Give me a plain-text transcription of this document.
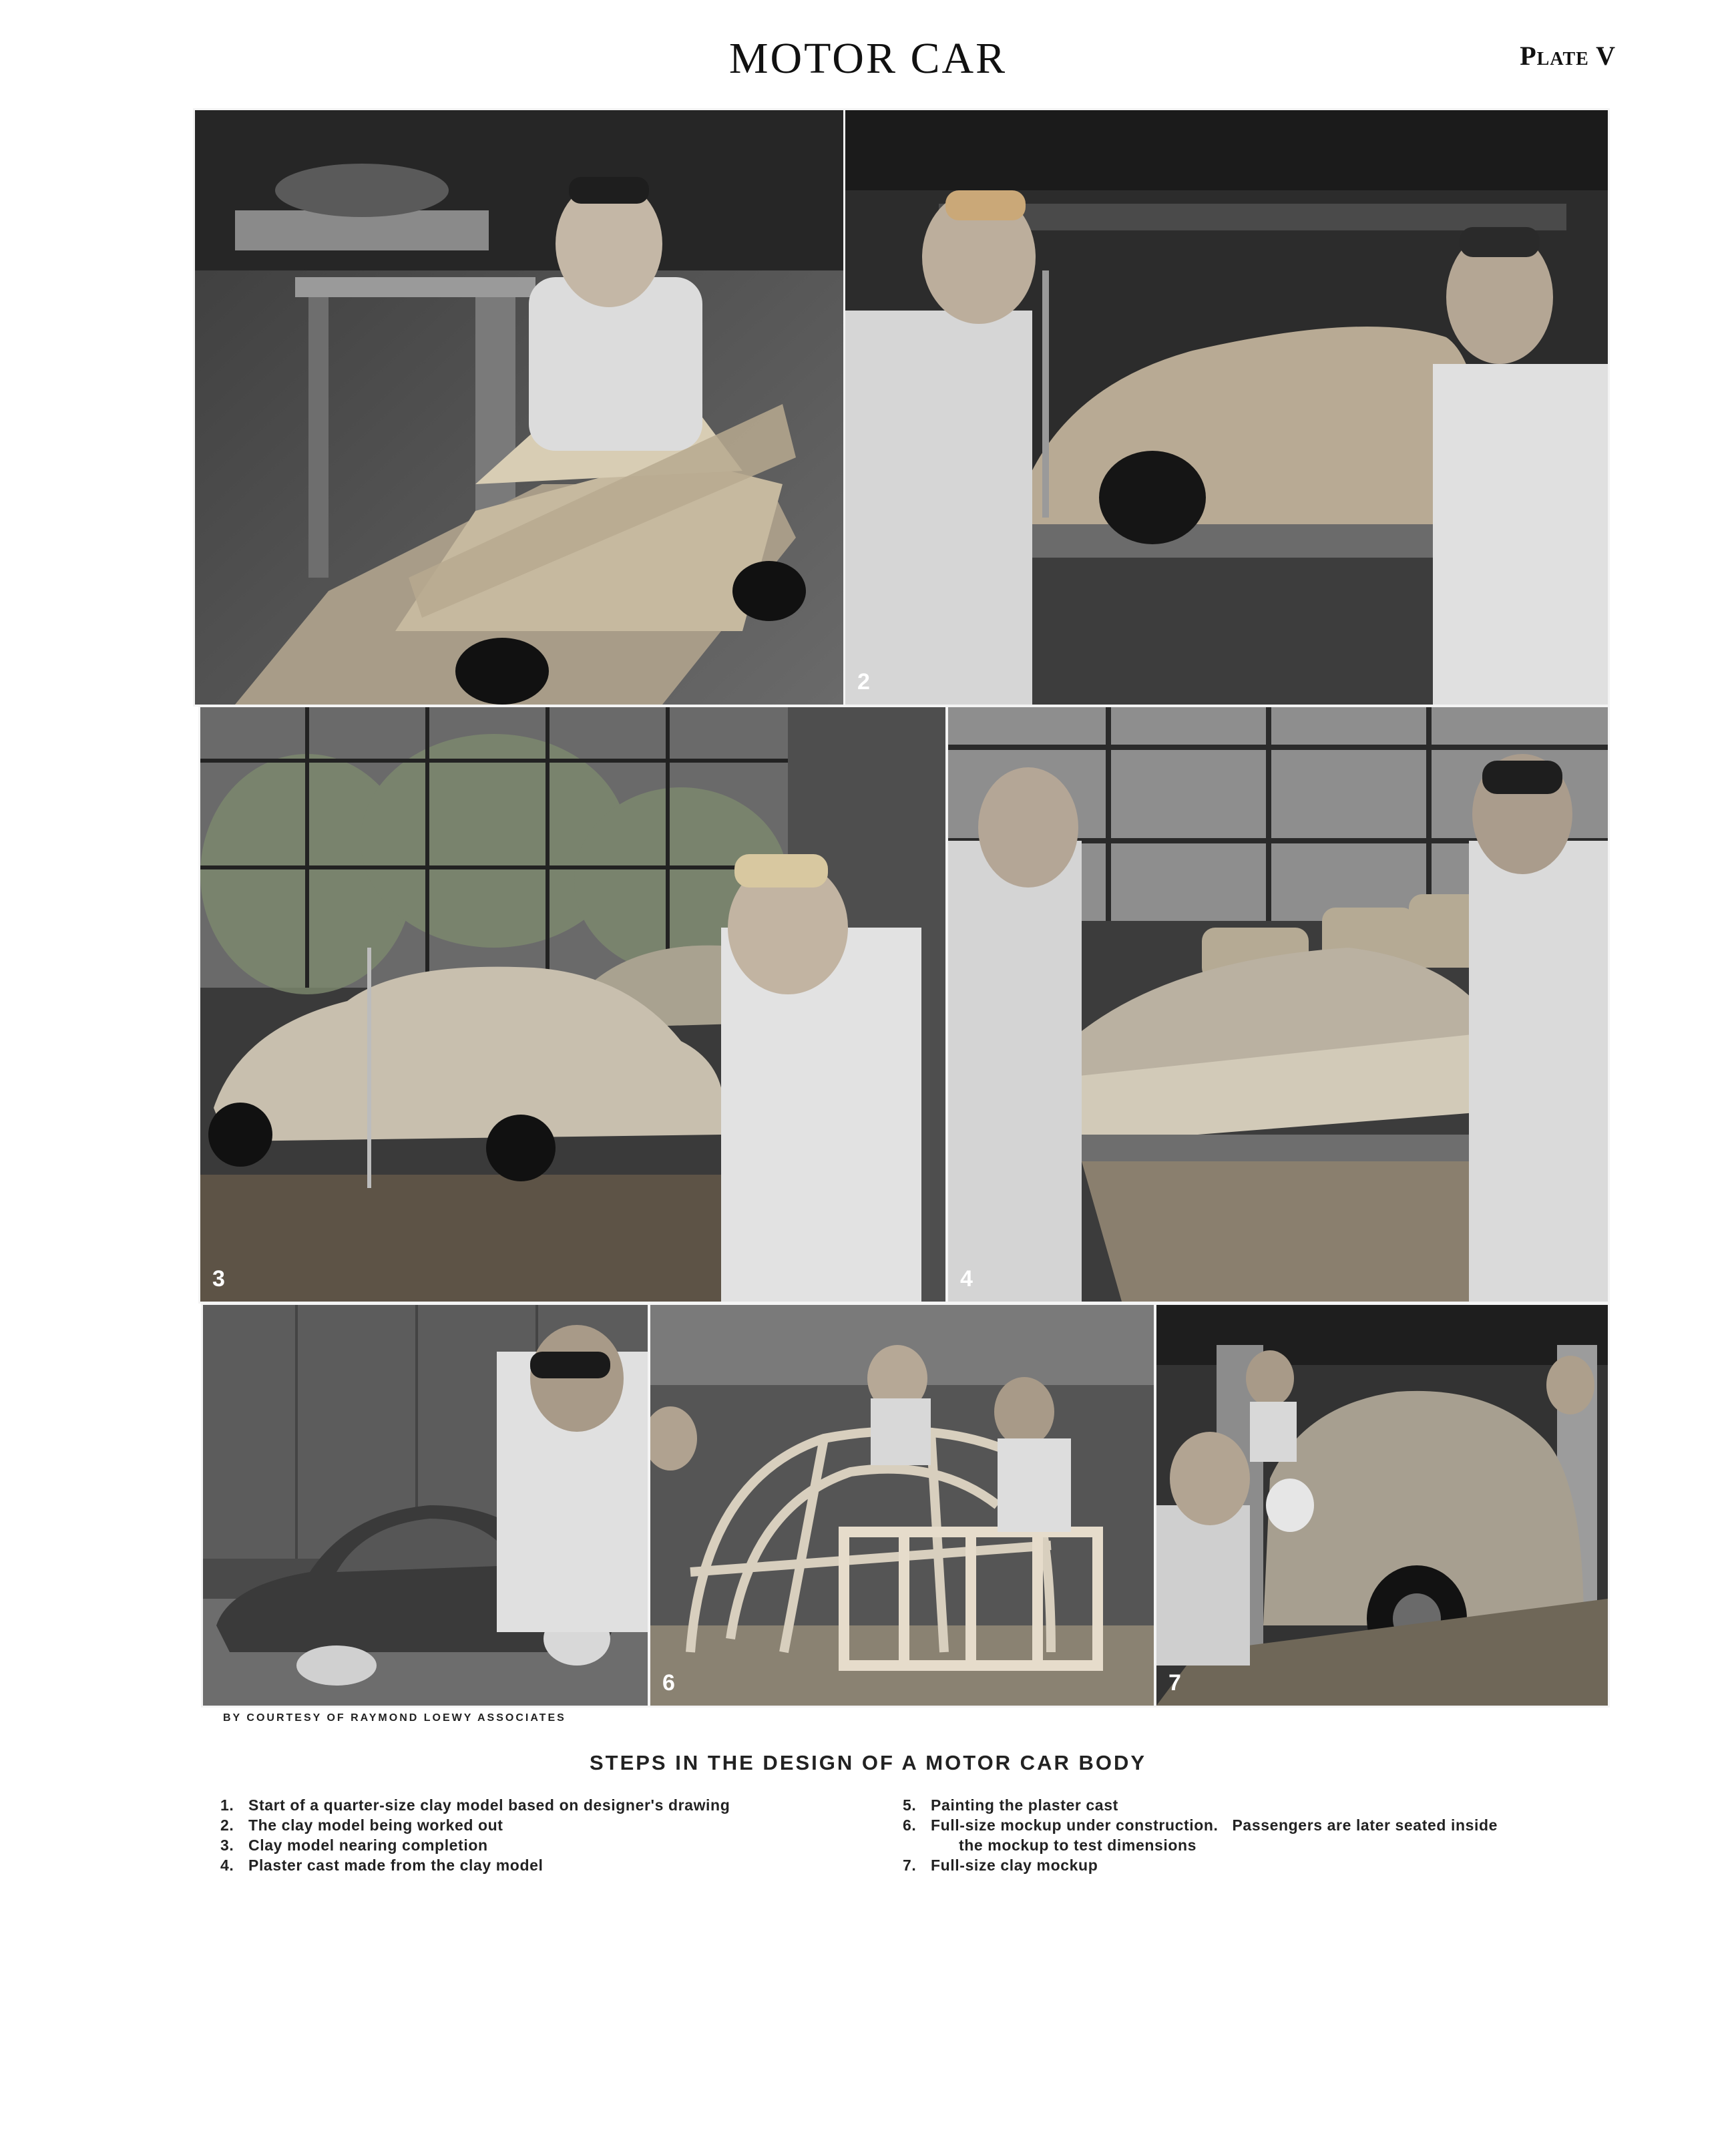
MOTOR CAR	Plate V
2
3	4
6	7
BY COURTESY OF RAYMOND LOEWY ASSOCIATES
STEPS IN THE DESIGN OF A MOTOR CAR BODY
1. Start of a quarter-size clay model based on designer's drawing
2. The clay model being worked out
3. Clay model nearing completion
4. Plaster cast made from the clay model
5. Painting the plaster cast
6. Full-size mockup under construction.   Passengers are later seated inside
the mockup to test dimensions
7. Full-size clay mockup
